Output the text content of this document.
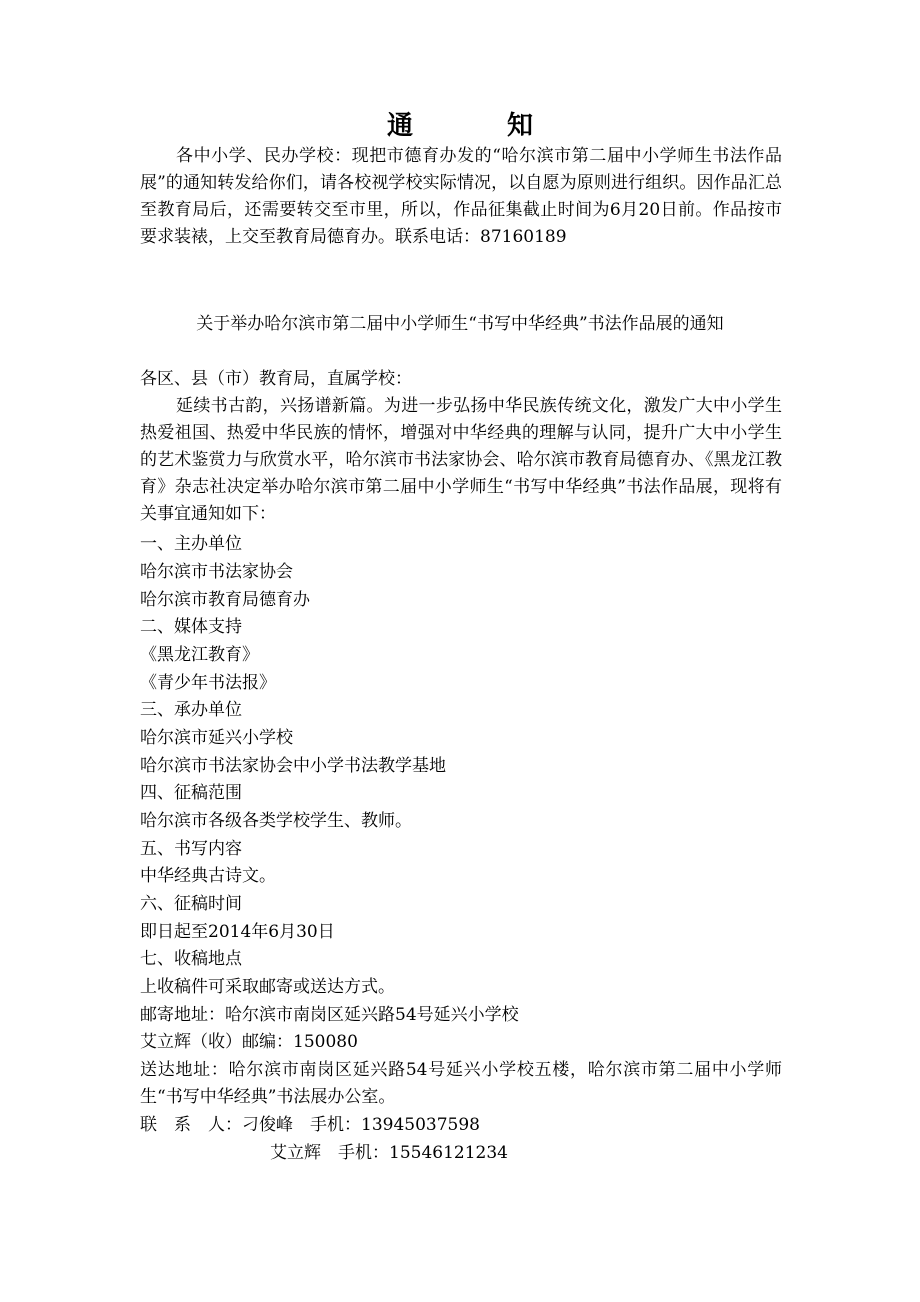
通　知

各中小学、民办学校：现把市德育办发的“哈尔滨市第二届中小学师生书法作品展”的通知转发给你们，请各校视学校实际情况，以自愿为原则进行组织。因作品汇总至教育局后，还需要转交至市里，所以，作品征集截止时间为6月20日前。作品按市要求装裱，上交至教育局德育办。联系电话：87160189

关于举办哈尔滨市第二届中小学师生“书写中华经典”书法作品展的通知
各区、县（市）教育局，直属学校：

延续书古韵，兴扬谱新篇。为进一步弘扬中华民族传统文化，激发广大中小学生热爱祖国、热爱中华民族的情怀，增强对中华经典的理解与认同，提升广大中小学生的艺术鉴赏力与欣赏水平，哈尔滨市书法家协会、哈尔滨市教育局德育办、《黑龙江教育》杂志社决定举办哈尔滨市第二届中小学师生“书写中华经典”书法作品展，现将有关事宜通知如下：

一、主办单位
哈尔滨市书法家协会
哈尔滨市教育局德育办
二、媒体支持
《黑龙江教育》
《青少年书法报》
三、承办单位
哈尔滨市延兴小学校
哈尔滨市书法家协会中小学书法教学基地
四、征稿范围
哈尔滨市各级各类学校学生、教师。
五、书写内容
中华经典古诗文。
六、征稿时间
即日起至2014年6月30日
七、收稿地点
上收稿件可采取邮寄或送达方式。
邮寄地址：哈尔滨市南岗区延兴路54号延兴小学校
艾立辉（收）邮编：150080

送达地址：哈尔滨市南岗区延兴路54号延兴小学校五楼，哈尔滨市第二届中小学师生“书写中华经典”书法展办公室。

联　系　人：刁俊峰　手机：13945037598
艾立辉　手机：15546121234
